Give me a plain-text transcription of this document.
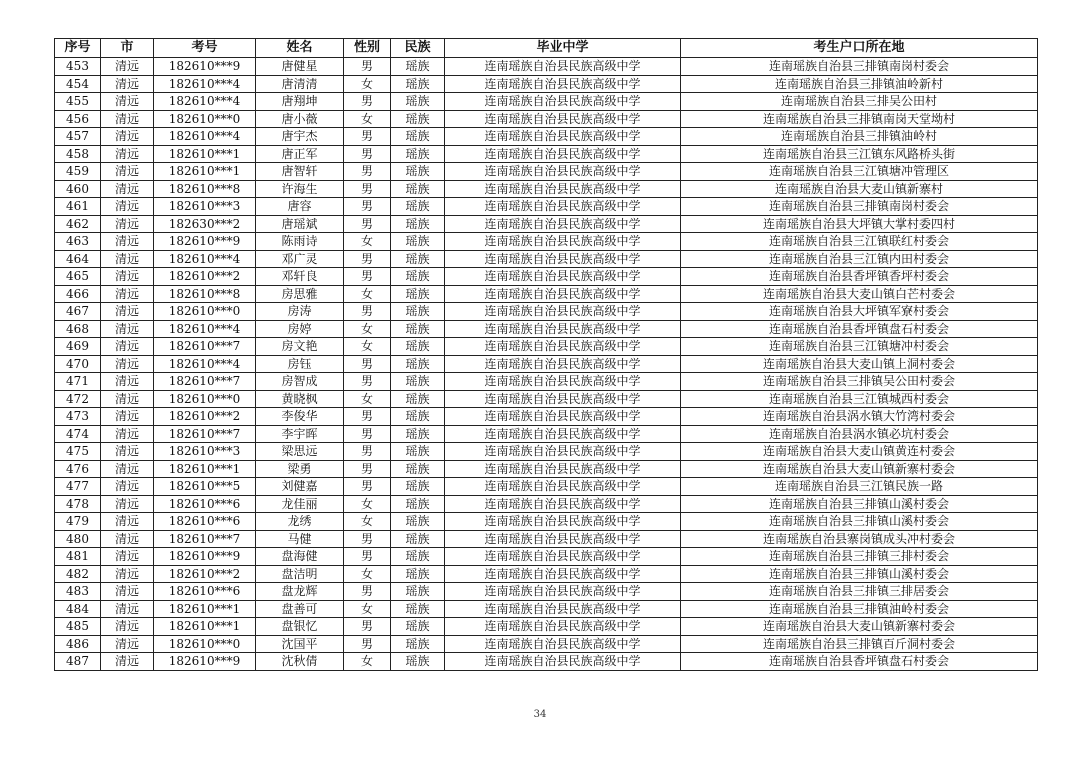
序号	市	考号	姓名	性别	民族	毕业中学	考生户口所在地
453	清远	182610***9	唐健星	男	瑶族	连南瑶族自治县民族高级中学	连南瑶族自治县三排镇南岗村委会
454	清远	182610***4	唐清清	女	瑶族	连南瑶族自治县民族高级中学	连南瑶族自治县三排镇油岭新村
455	清远	182610***4	唐翔坤	男	瑶族	连南瑶族自治县民族高级中学	连南瑶族自治县三排吴公田村
456	清远	182610***0	唐小薇	女	瑶族	连南瑶族自治县民族高级中学	连南瑶族自治县三排镇南岗天堂坳村
457	清远	182610***4	唐宇杰	男	瑶族	连南瑶族自治县民族高级中学	连南瑶族自治县三排镇油岭村
458	清远	182610***1	唐正军	男	瑶族	连南瑶族自治县民族高级中学	连南瑶族自治县三江镇东风路桥头街
459	清远	182610***1	唐智轩	男	瑶族	连南瑶族自治县民族高级中学	连南瑶族自治县三江镇塘冲管理区
460	清远	182610***8	许海生	男	瑶族	连南瑶族自治县民族高级中学	连南瑶族自治县大麦山镇新寨村
461	清远	182610***3	唐容	男	瑶族	连南瑶族自治县民族高级中学	连南瑶族自治县三排镇南岗村委会
462	清远	182630***2	唐瑶斌	男	瑶族	连南瑶族自治县民族高级中学	连南瑶族自治县大坪镇大掌村委四村
463	清远	182610***9	陈雨诗	女	瑶族	连南瑶族自治县民族高级中学	连南瑶族自治县三江镇联红村委会
464	清远	182610***4	邓广灵	男	瑶族	连南瑶族自治县民族高级中学	连南瑶族自治县三江镇内田村委会
465	清远	182610***2	邓轩良	男	瑶族	连南瑶族自治县民族高级中学	连南瑶族自治县香坪镇香坪村委会
466	清远	182610***8	房思雅	女	瑶族	连南瑶族自治县民族高级中学	连南瑶族自治县大麦山镇白芒村委会
467	清远	182610***0	房涛	男	瑶族	连南瑶族自治县民族高级中学	连南瑶族自治县大坪镇军寮村委会
468	清远	182610***4	房婷	女	瑶族	连南瑶族自治县民族高级中学	连南瑶族自治县香坪镇盘石村委会
469	清远	182610***7	房文艳	女	瑶族	连南瑶族自治县民族高级中学	连南瑶族自治县三江镇塘冲村委会
470	清远	182610***4	房钰	男	瑶族	连南瑶族自治县民族高级中学	连南瑶族自治县大麦山镇上洞村委会
471	清远	182610***7	房智成	男	瑶族	连南瑶族自治县民族高级中学	连南瑶族自治县三排镇吴公田村委会
472	清远	182610***0	黄晓枫	女	瑶族	连南瑶族自治县民族高级中学	连南瑶族自治县三江镇城西村委会
473	清远	182610***2	李俊华	男	瑶族	连南瑶族自治县民族高级中学	连南瑶族自治县涡水镇大竹湾村委会
474	清远	182610***7	李宇晖	男	瑶族	连南瑶族自治县民族高级中学	连南瑶族自治县涡水镇必坑村委会
475	清远	182610***3	梁思远	男	瑶族	连南瑶族自治县民族高级中学	连南瑶族自治县大麦山镇黄连村委会
476	清远	182610***1	梁勇	男	瑶族	连南瑶族自治县民族高级中学	连南瑶族自治县大麦山镇新寨村委会
477	清远	182610***5	刘健嘉	男	瑶族	连南瑶族自治县民族高级中学	连南瑶族自治县三江镇民族一路
478	清远	182610***6	龙佳丽	女	瑶族	连南瑶族自治县民族高级中学	连南瑶族自治县三排镇山溪村委会
479	清远	182610***6	龙绣	女	瑶族	连南瑶族自治县民族高级中学	连南瑶族自治县三排镇山溪村委会
480	清远	182610***7	马健	男	瑶族	连南瑶族自治县民族高级中学	连南瑶族自治县寨岗镇成头冲村委会
481	清远	182610***9	盘海健	男	瑶族	连南瑶族自治县民族高级中学	连南瑶族自治县三排镇三排村委会
482	清远	182610***2	盘洁明	女	瑶族	连南瑶族自治县民族高级中学	连南瑶族自治县三排镇山溪村委会
483	清远	182610***6	盘龙辉	男	瑶族	连南瑶族自治县民族高级中学	连南瑶族自治县三排镇三排居委会
484	清远	182610***1	盘善可	女	瑶族	连南瑶族自治县民族高级中学	连南瑶族自治县三排镇油岭村委会
485	清远	182610***1	盘银忆	男	瑶族	连南瑶族自治县民族高级中学	连南瑶族自治县大麦山镇新寨村委会
486	清远	182610***0	沈国平	男	瑶族	连南瑶族自治县民族高级中学	连南瑶族自治县三排镇百斤洞村委会
487	清远	182610***9	沈秋倩	女	瑶族	连南瑶族自治县民族高级中学	连南瑶族自治县香坪镇盘石村委会
34
